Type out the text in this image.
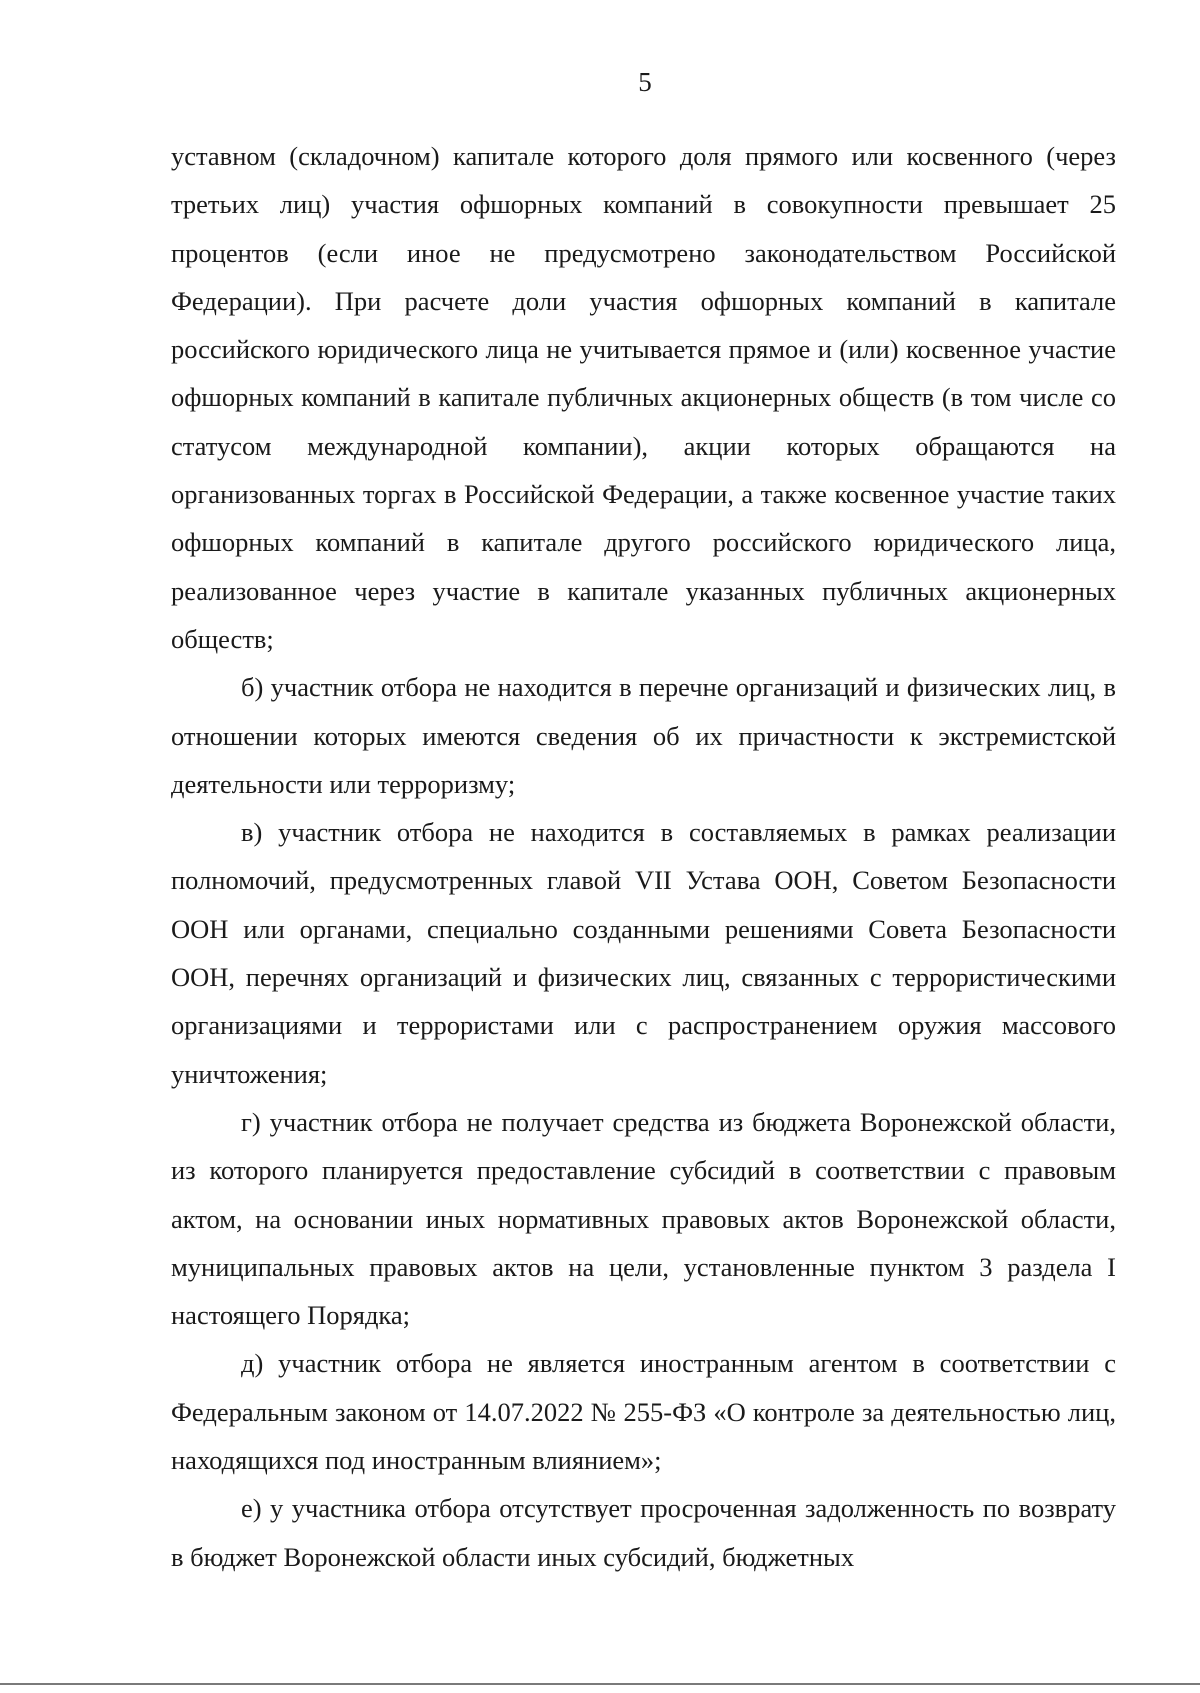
5

уставном (складочном) капитале которого доля прямого или косвенного (через третьих лиц) участия офшорных компаний в совокупности превышает 25 процентов (если иное не предусмотрено законодательством Российской Федерации). При расчете доли участия офшорных компаний в капитале российского юридического лица не учитывается прямое и (или) косвенное участие офшорных компаний в капитале публичных акционерных обществ (в том числе со статусом международной компании), акции которых обращаются на организованных торгах в Российской Федерации, а также косвенное участие таких офшорных компаний в капитале другого российского юридического лица, реализованное через участие в капитале указанных публичных акционерных обществ;

б) участник отбора не находится в перечне организаций и физических лиц, в отношении которых имеются сведения об их причастности к экстремистской деятельности или терроризму;

в) участник отбора не находится в составляемых в рамках реализации полномочий, предусмотренных главой VII Устава ООН, Советом Безопасности ООН или органами, специально созданными решениями Совета Безопасности ООН, перечнях организаций и физических лиц, связанных с террористическими организациями и террористами или с распространением оружия массового уничтожения;

г) участник отбора не получает средства из бюджета Воронежской области, из которого планируется предоставление субсидий в соответствии с правовым актом, на основании иных нормативных правовых актов Воронежской области, муниципальных правовых актов на цели, установленные пунктом 3 раздела I настоящего Порядка;

д) участник отбора не является иностранным агентом в соответствии с Федеральным законом от 14.07.2022 № 255-ФЗ «О контроле за деятельностью лиц, находящихся под иностранным влиянием»;

е) у участника отбора отсутствует просроченная задолженность по возврату в бюджет Воронежской области иных субсидий, бюджетных
